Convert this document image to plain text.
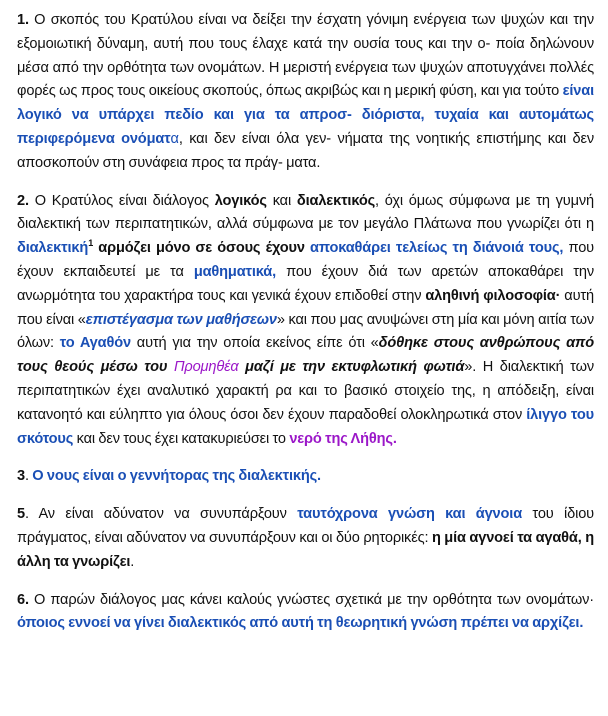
1. Ο σκοπός του Κρατύλου είναι να δείξει την έσχατη γόνιμη ενέργεια των ψυχών και την εξομοιωτική δύναμη, αυτή που τους έλαχε κατά την ουσία τους και την ο- ποία δηλώνουν μέσα από την ορθότητα των ονομάτων. Η μεριστή ενέργεια των ψυχών αποτυγχάνει πολλές φορές ως προς τους οικείους σκοπούς, όπως ακριβώς και η μερική φύση, και για τούτο είναι λογικό να υπάρχει πεδίο και για τα απροσ- διόριστα, τυχαία και αυτομάτως περιφερόμενα ονόματα, και δεν είναι όλα γεν- νήματα της νοητικής επιστήμης και δεν αποσκοπούν στη συνάφεια προς τα πράγ- ματα.

2. Ο Κρατύλος είναι διάλογος λογικός και διαλεκτικός, όχι όμως σύμφωνα με τη γυμνή διαλεκτική των περιπατητικών, αλλά σύμφωνα με τον μεγάλο Πλάτωνα που γνωρίζει ότι η διαλεκτική$^1$ αρμόζει μόνο σε όσους έχουν αποκαθάρει τελείως τη διάνοιά τους, που έχουν εκπαιδευτεί με τα μαθηματικά, που έχουν διά των αρετών αποκαθάρει την ανωρμότητα του χαρακτήρα τους και γενικά έχουν επιδοθεί στην αληθινή φιλοσοφία· αυτή που είναι «επιστέγασμα των μαθήσεων» και που μας ανυψώνει στη μία και μόνη αιτία των όλων: το Αγαθόν αυτή για την οποία εκείνος είπε ότι «δόθηκε στους ανθρώπους από τους θεούς μέσω του Προμηθέα μαζί με την εκτυφλωτική φωτιά». Η διαλεκτική των περιπατητικών έχει αναλυτικό χαρακτή ρα και το βασικό στοιχείο της, η απόδειξη, είναι κατανοητό και εύληπτο για όλους όσοι δεν έχουν παραδοθεί ολοκληρωτικά στον ίλιγγο του σκότους και δεν τους έχει κατακυριεύσει το νερό της Λήθης.

3. Ο νους είναι ο γεννήτορας της διαλεκτικής.

5. Αν είναι αδύνατον να συνυπάρξουν ταυτόχρονα γνώση και άγνοια του ίδιου πράγματος, είναι αδύνατον να συνυπάρξουν και οι δύο ρητορικές: η μία αγνοεί τα αγαθά, η άλλη τα γνωρίζει.

6. Ο παρών διάλογος μας κάνει καλούς γνώστες σχετικά με την ορθότητα των ονομάτων· όποιος εννοεί να γίνει διαλεκτικός από αυτή τη θεωρητική γνώση πρέπει να αρχίζει.
